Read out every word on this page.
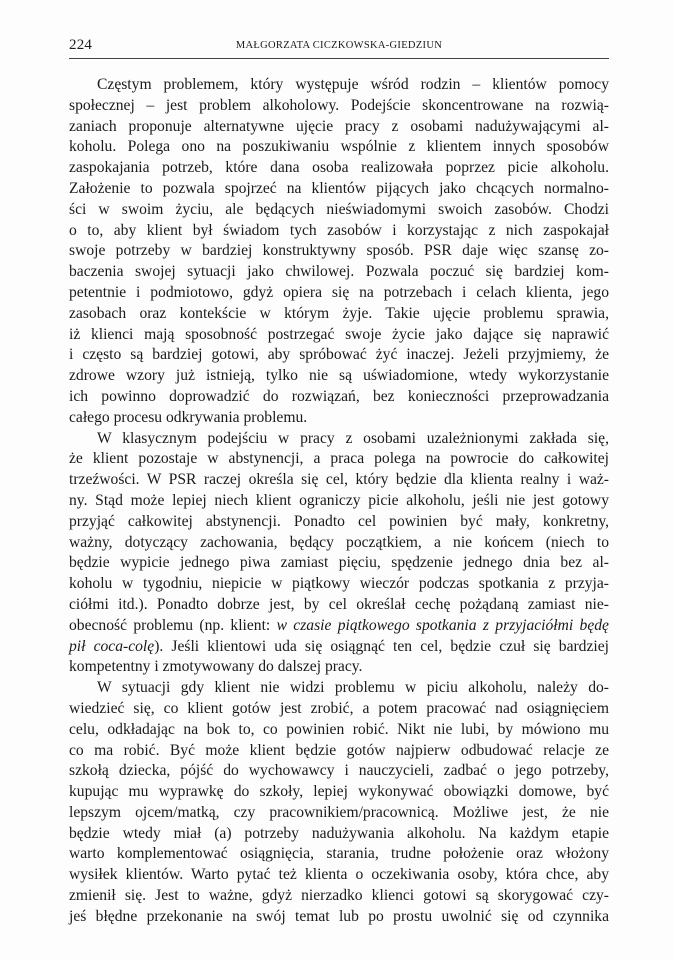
224	MAŁGORZATA CICZKOWSKA-GIEDZIUN
Częstym problemem, który występuje wśród rodzin – klientów pomocy
społecznej – jest problem alkoholowy. Podejście skoncentrowane na rozwią-
zaniach proponuje alternatywne ujęcie pracy z osobami nadużywającymi al-
koholu. Polega ono na poszukiwaniu wspólnie z klientem innych sposobów
zaspokajania potrzeb, które dana osoba realizowała poprzez picie alkoholu.
Założenie to pozwala spojrzeć na klientów pijących jako chcących normalno-
ści w swoim życiu, ale będących nieświadomymi swoich zasobów. Chodzi
o to, aby klient był świadom tych zasobów i korzystając z nich zaspokajał
swoje potrzeby w bardziej konstruktywny sposób. PSR daje więc szansę zo-
baczenia swojej sytuacji jako chwilowej. Pozwala poczuć się bardziej kom-
petentnie i podmiotowo, gdyż opiera się na potrzebach i celach klienta, jego
zasobach oraz kontekście w którym żyje. Takie ujęcie problemu sprawia,
iż klienci mają sposobność postrzegać swoje życie jako dające się naprawić
i często są bardziej gotowi, aby spróbować żyć inaczej. Jeżeli przyjmiemy, że
zdrowe wzory już istnieją, tylko nie są uświadomione, wtedy wykorzystanie
ich powinno doprowadzić do rozwiązań, bez konieczności przeprowadzania
całego procesu odkrywania problemu.
W klasycznym podejściu w pracy z osobami uzależnionymi zakłada się,
że klient pozostaje w abstynencji, a praca polega na powrocie do całkowitej
trzeźwości. W PSR raczej określa się cel, który będzie dla klienta realny i waż-
ny. Stąd może lepiej niech klient ograniczy picie alkoholu, jeśli nie jest gotowy
przyjąć całkowitej abstynencji. Ponadto cel powinien być mały, konkretny,
ważny, dotyczący zachowania, będący początkiem, a nie końcem (niech to
będzie wypicie jednego piwa zamiast pięciu, spędzenie jednego dnia bez al-
koholu w tygodniu, niepicie w piątkowy wieczór podczas spotkania z przyja-
ciółmi itd.). Ponadto dobrze jest, by cel określał cechę pożądaną zamiast nie-
obecność problemu (np. klient: w czasie piątkowego spotkania z przyjaciółmi będę
pił coca-colę). Jeśli klientowi uda się osiągnąć ten cel, będzie czuł się bardziej
kompetentny i zmotywowany do dalszej pracy.
W sytuacji gdy klient nie widzi problemu w piciu alkoholu, należy do-
wiedzieć się, co klient gotów jest zrobić, a potem pracować nad osiągnięciem
celu, odkładając na bok to, co powinien robić. Nikt nie lubi, by mówiono mu
co ma robić. Być może klient będzie gotów najpierw odbudować relacje ze
szkołą dziecka, pójść do wychowawcy i nauczycieli, zadbać o jego potrzeby,
kupując mu wyprawkę do szkoły, lepiej wykonywać obowiązki domowe, być
lepszym ojcem/matką, czy pracownikiem/pracownicą. Możliwe jest, że nie
będzie wtedy miał (a) potrzeby nadużywania alkoholu. Na każdym etapie
warto komplementować osiągnięcia, starania, trudne położenie oraz włożony
wysiłek klientów. Warto pytać też klienta o oczekiwania osoby, która chce, aby
zmienił się. Jest to ważne, gdyż nierzadko klienci gotowi są skorygować czy-
jeś błędne przekonanie na swój temat lub po prostu uwolnić się od czynnika
